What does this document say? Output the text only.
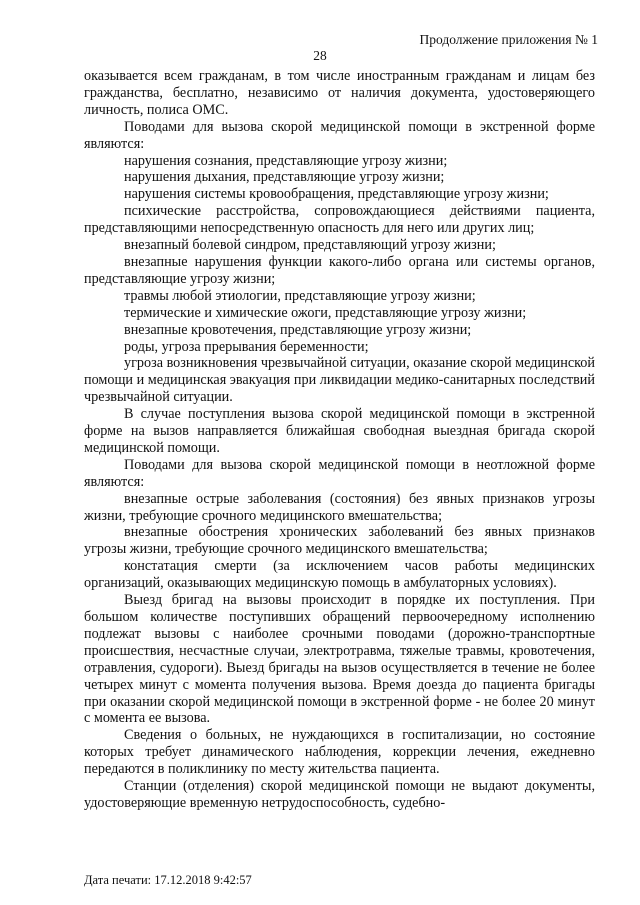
Продолжение приложения № 1
28

оказывается всем гражданам, в том числе иностранным гражданам и лицам без гражданства, бесплатно, независимо от наличия документа, удостоверяющего личность, полиса ОМС.

Поводами для вызова скорой медицинской помощи в экстренной форме являются:

нарушения сознания, представляющие угрозу жизни;

нарушения дыхания, представляющие угрозу жизни;

нарушения системы кровообращения, представляющие угрозу жизни;

психические расстройства, сопровождающиеся действиями пациента, представляющими непосредственную опасность для него или других лиц;

внезапный болевой синдром, представляющий угрозу жизни;

внезапные нарушения функции какого-либо органа или системы органов, представляющие угрозу жизни;

травмы любой этиологии, представляющие угрозу жизни;

термические и химические ожоги, представляющие угрозу жизни;

внезапные кровотечения, представляющие угрозу жизни;

роды, угроза прерывания беременности;

угроза возникновения чрезвычайной ситуации, оказание скорой медицинской помощи и медицинская эвакуация при ликвидации медико-санитарных последствий чрезвычайной ситуации.

В случае поступления вызова скорой медицинской помощи в экстренной форме на вызов направляется ближайшая свободная выездная бригада скорой медицинской помощи.

Поводами для вызова скорой медицинской помощи в неотложной форме являются:

внезапные острые заболевания (состояния) без явных признаков угрозы жизни, требующие срочного медицинского вмешательства;

внезапные обострения хронических заболеваний без явных признаков угрозы жизни, требующие срочного медицинского вмешательства;

констатация смерти (за исключением часов работы медицинских организаций, оказывающих медицинскую помощь в амбулаторных условиях).

Выезд бригад на вызовы происходит в порядке их поступления. При большом количестве поступивших обращений первоочередному исполнению подлежат вызовы с наиболее срочными поводами (дорожно-транспортные происшествия, несчастные случаи, электротравма, тяжелые травмы, кровотечения, отравления, судороги). Выезд бригады на вызов осуществляется в течение не более четырех минут с момента получения вызова. Время доезда до пациента бригады при оказании скорой медицинской помощи в экстренной форме - не более 20 минут с момента ее вызова.

Сведения о больных, не нуждающихся в госпитализации, но состояние которых требует динамического наблюдения, коррекции лечения, ежедневно передаются в поликлинику по месту жительства пациента.

Станции (отделения) скорой медицинской помощи не выдают документы, удостоверяющие временную нетрудоспособность, судебно-

Дата печати: 17.12.2018 9:42:57
